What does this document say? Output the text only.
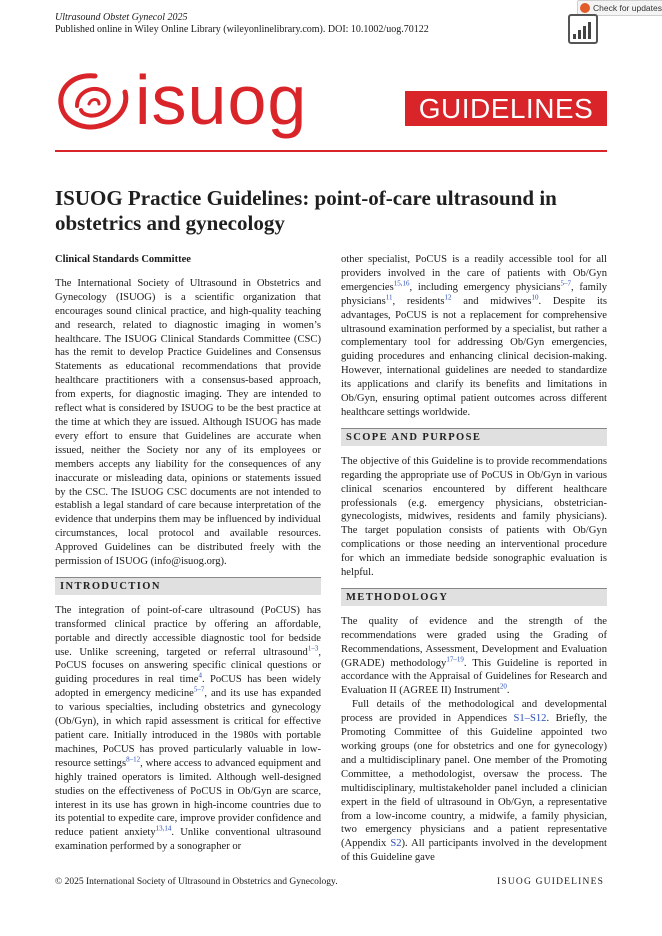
Ultrasound Obstet Gynecol 2025
Published online in Wiley Online Library (wileyonlinelibrary.com). DOI: 10.1002/uog.70122
Check for updates
isuog	GUIDELINES
ISUOG Practice Guidelines: point-of-care ultrasound in obstetrics and gynecology

Clinical Standards Committee

The International Society of Ultrasound in Obstetrics and Gynecology (ISUOG) is a scientific organization that encourages sound clinical practice, and high-quality teaching and research, related to diagnostic imaging in women’s healthcare. The ISUOG Clinical Standards Committee (CSC) has the remit to develop Practice Guidelines and Consensus Statements as educational recommendations that provide healthcare practitioners with a consensus-based approach, from experts, for diagnostic imaging. They are intended to reflect what is considered by ISUOG to be the best practice at the time at which they are issued. Although ISUOG has made every effort to ensure that Guidelines are accurate when issued, neither the Society nor any of its employees or members accepts any liability for the consequences of any inaccurate or misleading data, opinions or statements issued by the CSC. The ISUOG CSC documents are not intended to establish a legal standard of care because interpretation of the evidence that underpins them may be influenced by individual circumstances, local protocol and available resources. Approved Guidelines can be distributed freely with the permission of ISUOG (info@isuog.org).

INTRODUCTION

The integration of point-of-care ultrasound (PoCUS) has transformed clinical practice by offering an affordable, portable and directly accessible diagnostic tool for bedside use. Unlike screening, targeted or referral ultrasound$^{1-3}$, PoCUS focuses on answering specific clinical questions or guiding procedures in real time$^4$. PoCUS has been widely adopted in emergency medicine$^{5-7}$, and its use has expanded to various specialties, including obstetrics and gynecology (Ob/Gyn), in which rapid assessment is critical for effective patient care. Initially introduced in the 1980s with portable machines, PoCUS has proved particularly valuable in low-resource settings$^{8-12}$, where access to advanced equipment and highly trained operators is limited. Although well-designed studies on the effectiveness of PoCUS in Ob/Gyn are scarce, interest in its use has grown in high-income countries due to its potential to expedite care, improve provider confidence and reduce patient anxiety$^{13,14}$. Unlike conventional ultrasound examination performed by a sonographer or

other specialist, PoCUS is a readily accessible tool for all providers involved in the care of patients with Ob/Gyn emergencies$^{15,16}$, including emergency physicians$^{5-7}$, family physicians$^{11}$, residents$^{12}$ and midwives$^{10}$. Despite its advantages, PoCUS is not a replacement for comprehensive ultrasound examination performed by a specialist, but rather a complementary tool for addressing Ob/Gyn emergencies, guiding procedures and enhancing clinical decision-making. However, international guidelines are needed to standardize its applications and clarify its benefits and limitations in Ob/Gyn, ensuring optimal patient outcomes across different healthcare settings worldwide.

SCOPE AND PURPOSE

The objective of this Guideline is to provide recommendations regarding the appropriate use of PoCUS in Ob/Gyn in various clinical scenarios encountered by different healthcare professionals (e.g. emergency physicians, obstetrician-gynecologists, midwives, residents and family physicians). The target population consists of patients with Ob/Gyn complications or those needing an interventional procedure for which an immediate bedside sonographic evaluation is helpful.

METHODOLOGY

The quality of evidence and the strength of the recommendations were graded using the Grading of Recommendations, Assessment, Development and Evaluation (GRADE) methodology$^{17-19}$. This Guideline is reported in accordance with the Appraisal of Guidelines for Research and Evaluation II (AGREE II) Instrument$^{20}$.

Full details of the methodological and developmental process are provided in Appendices S1–S12. Briefly, the Promoting Committee of this Guideline appointed two working groups (one for obstetrics and one for gynecology) and a multidisciplinary panel. One member of the Promoting Committee, a methodologist, oversaw the process. The multidisciplinary, multistakeholder panel included a clinician expert in the field of ultrasound in Ob/Gyn, a representative from a low-income country, a midwife, a family physician, two emergency physicians and a patient representative (Appendix S2). All participants involved in the development of this Guideline gave

© 2025 International Society of Ultrasound in Obstetrics and Gynecology.	ISUOG GUIDELINES
